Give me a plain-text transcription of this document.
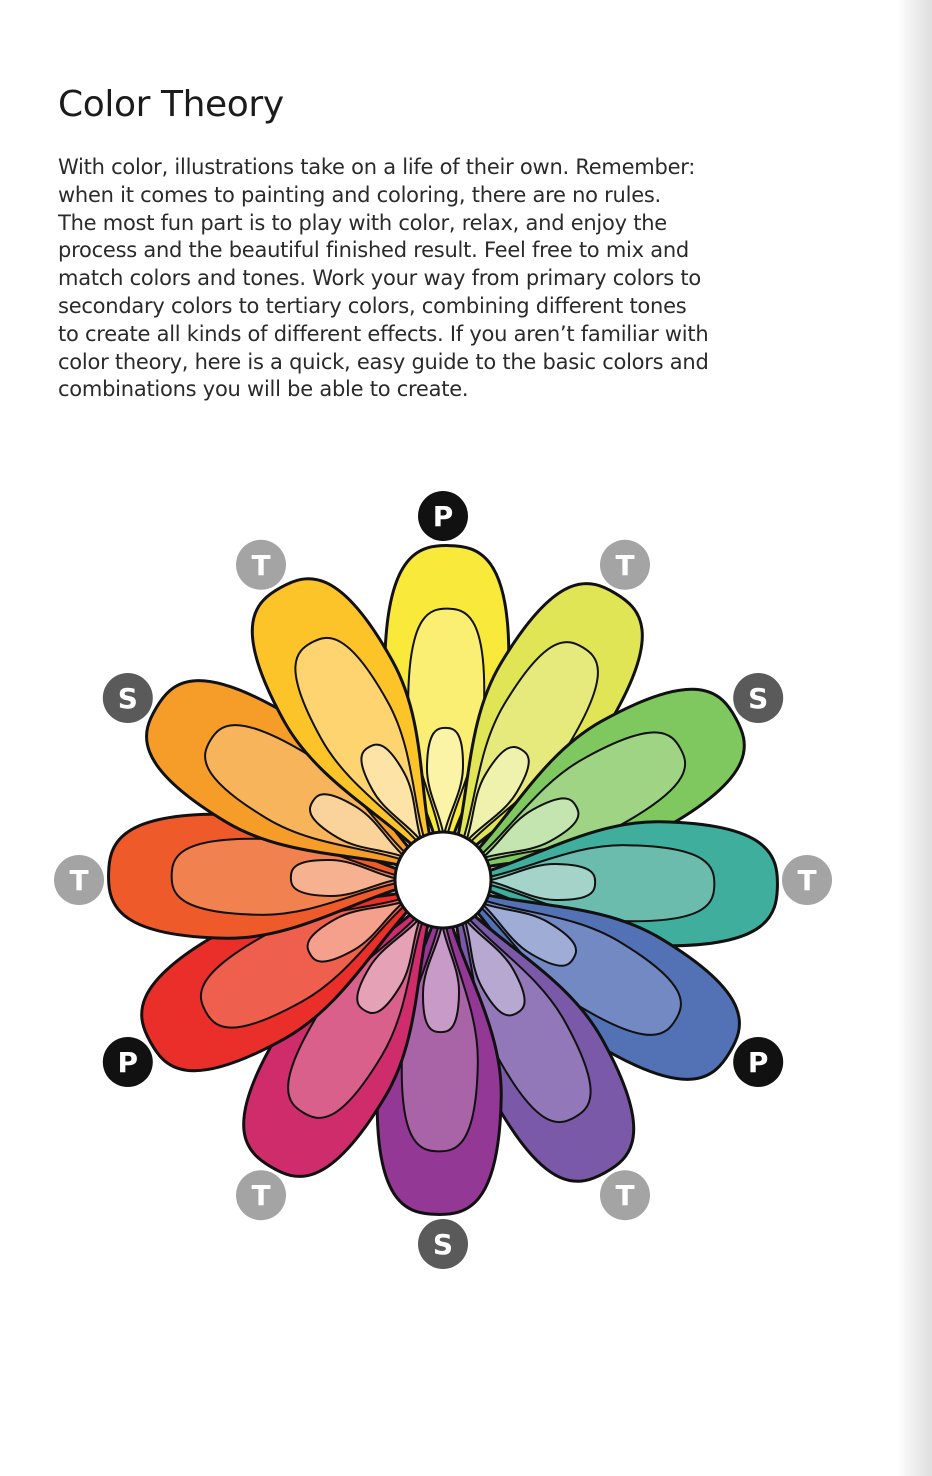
Color Theory

With color, illustrations take on a life of their own. Remember:
when it comes to painting and coloring, there are no rules.
The most fun part is to play with color, relax, and enjoy the
process and the beautiful finished result. Feel free to mix and
match colors and tones. Work your way from primary colors to
secondary colors to tertiary colors, combining different tones
to create all kinds of different effects. If you aren’t familiar with
color theory, here is a quick, easy guide to the basic colors and
combinations you will be able to create.

P
T
S
T
P
T
S
T
P
T
S
T
